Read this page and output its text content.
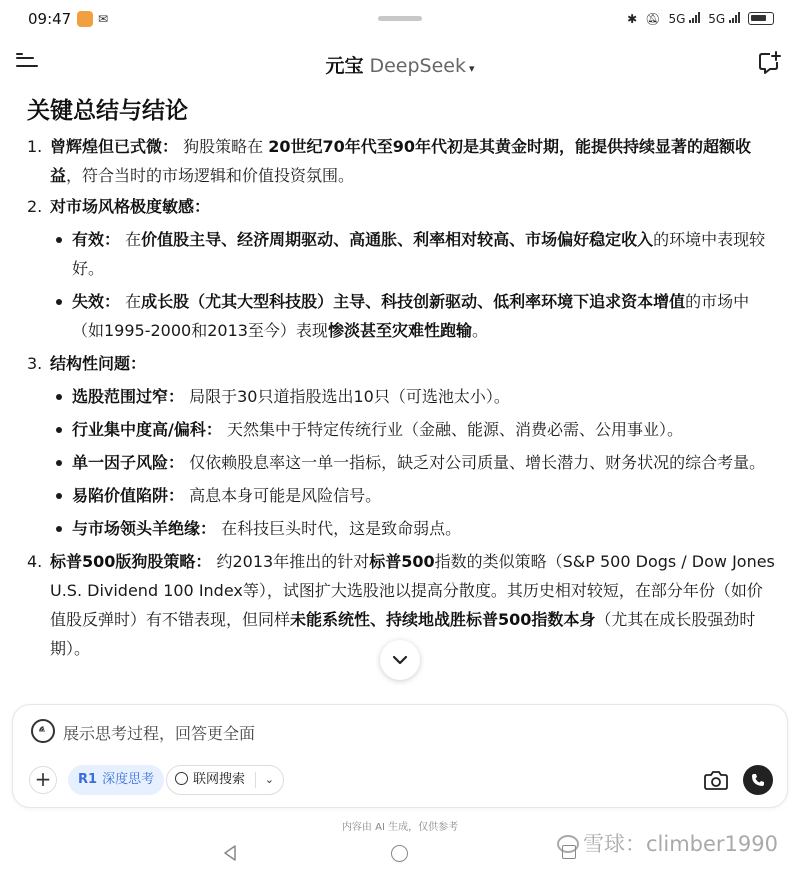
09:47 ✉	✱ 🔕︎ 5G	5G
元宝 DeepSeek ▾
关键总结与结论
1. 曾辉煌但已式微： 狗股策略在 20世纪70年代至90年代初是其黄金时期，能提供持续显著的超额收益，符合当时的市场逻辑和价值投资氛围。
2. 对市场风格极度敏感：
有效： 在价值股主导、经济周期驱动、高通胀、利率相对较高、市场偏好稳定收入的环境中表现较好。
失效： 在成长股（尤其大型科技股）主导、科技创新驱动、低利率环境下追求资本增值的市场中（如1995-2000和2013至今）表现惨淡甚至灾难性跑输。
3. 结构性问题：
选股范围过窄： 局限于30只道指股选出10只（可选池太小）。
行业集中度高/偏科： 天然集中于特定传统行业（金融、能源、消费必需、公用事业）。
单一因子风险： 仅依赖股息率这一单一指标，缺乏对公司质量、增长潜力、财务状况的综合考量。
易陷价值陷阱： 高息本身可能是风险信号。
与市场领头羊绝缘： 在科技巨头时代，这是致命弱点。
4. 标普500版狗股策略： 约2013年推出的针对标普500指数的类似策略（S&P 500 Dogs / Dow Jones U.S. Dividend 100 Index等），试图扩大选股池以提高分散度。其历史相对较短，在部分年份（如价值股反弹时）有不错表现，但同样未能系统性、持续地战胜标普500指数本身（尤其在成长股强劲时期）。
展示思考过程，回答更全面
+	R1 深度思考	联网搜索 ⌄
内容由 AI 生成，仅供参考
雪球：climber1990
